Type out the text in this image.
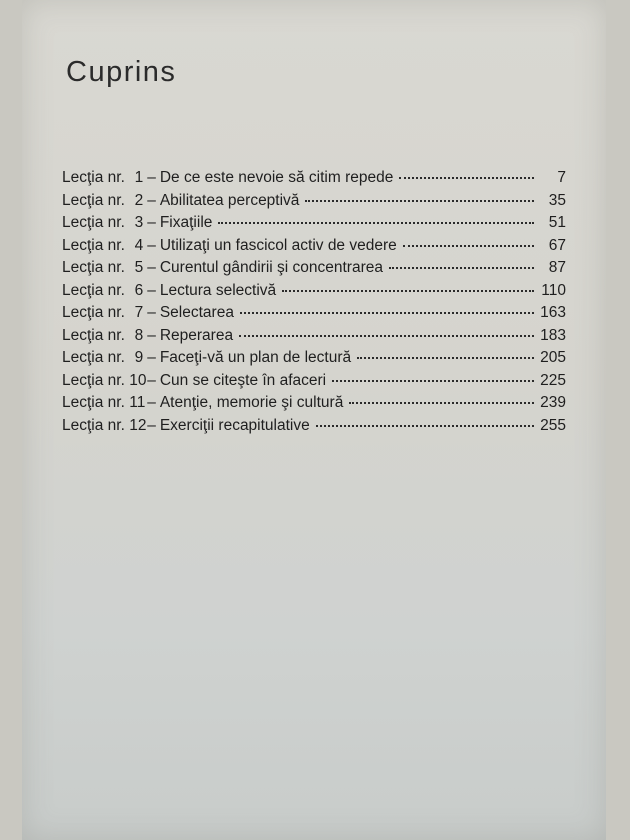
Cuprins
Lecţia nr. 1 – De ce este nevoie să citim repede	7
Lecţia nr. 2 – Abilitatea perceptivă	35
Lecţia nr. 3 – Fixaţiile	51
Lecţia nr. 4 – Utilizaţi un fascicol activ de vedere	67
Lecţia nr. 5 – Curentul gândirii şi concentrarea	87
Lecţia nr. 6 – Lectura selectivă	110
Lecţia nr. 7 – Selectarea	163
Lecţia nr. 8 – Reperarea	183
Lecţia nr. 9 – Faceţi-vă un plan de lectură	205
Lecţia nr. 10– Cun se citeşte în afaceri	225
Lecţia nr. 11 – Atenţie, memorie şi cultură	239
Lecţia nr. 12– Exerciţii recapitulative	255
